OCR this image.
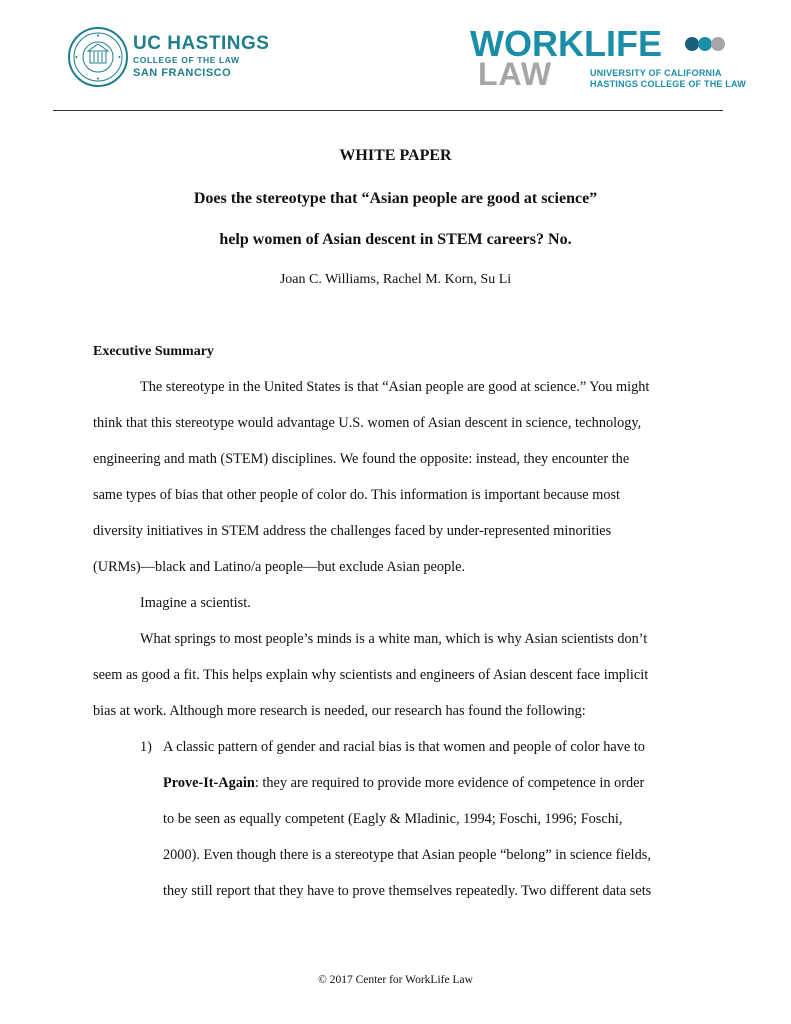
UC HASTINGS
COLLEGE OF THE LAW
SAN FRANCISCO
WORKLIFE
LAW	UNIVERSITY OF CALIFORNIA
HASTINGS COLLEGE OF THE LAW
WHITE PAPER
Does the stereotype that “Asian people are good at science”
help women of Asian descent in STEM careers? No.
Joan C. Williams, Rachel M. Korn, Su Li
Executive Summary
The stereotype in the United States is that “Asian people are good at science.” You might
think that this stereotype would advantage U.S. women of Asian descent in science, technology,
engineering and math (STEM) disciplines. We found the opposite: instead, they encounter the
same types of bias that other people of color do. This information is important because most
diversity initiatives in STEM address the challenges faced by under-represented minorities
(URMs)—black and Latino/a people—but exclude Asian people.
Imagine a scientist.
What springs to most people’s minds is a white man, which is why Asian scientists don’t
seem as good a fit. This helps explain why scientists and engineers of Asian descent face implicit
bias at work. Although more research is needed, our research has found the following:
1) A classic pattern of gender and racial bias is that women and people of color have to
Prove-It-Again: they are required to provide more evidence of competence in order
to be seen as equally competent (Eagly & Mladinic, 1994; Foschi, 1996; Foschi,
2000). Even though there is a stereotype that Asian people “belong” in science fields,
they still report that they have to prove themselves repeatedly. Two different data sets
© 2017 Center for WorkLife Law
